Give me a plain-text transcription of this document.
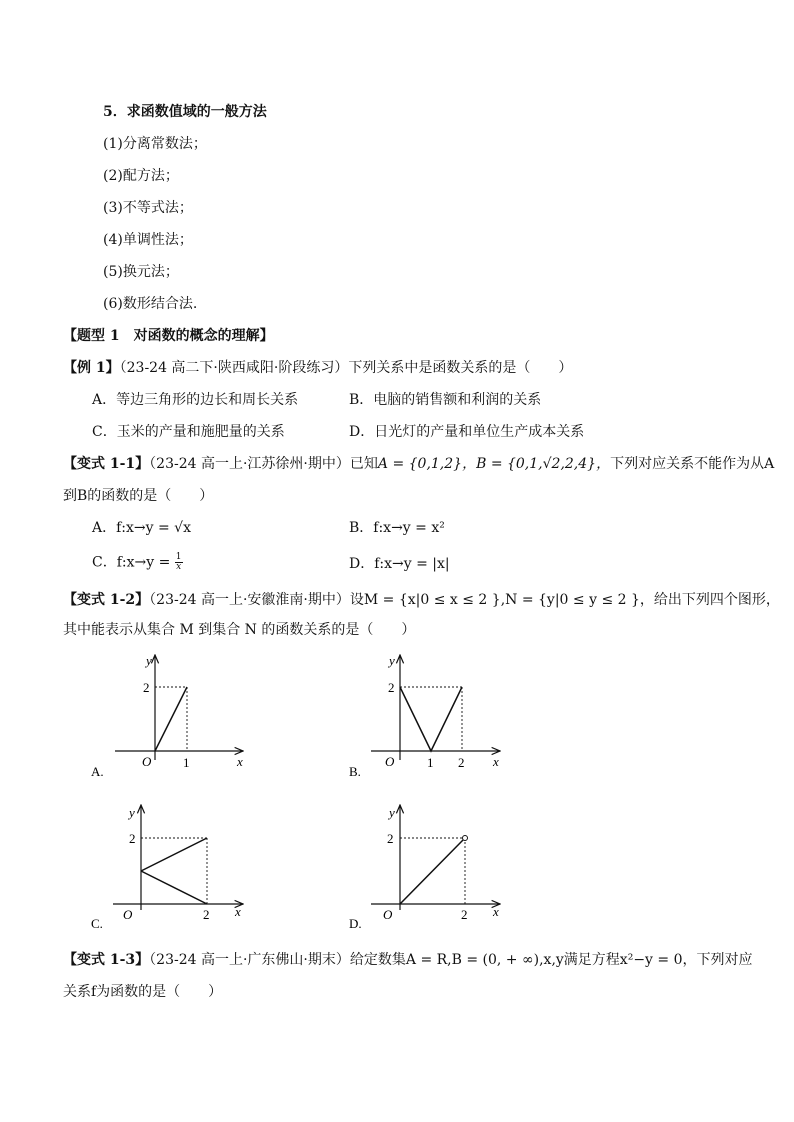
5．求函数值域的一般方法
(1)分离常数法；
(2)配方法；
(3)不等式法；
(4)单调性法；
(5)换元法；
(6)数形结合法.
【题型 1　对函数的概念的理解】
【例 1】（23-24 高二下·陕西咸阳·阶段练习）下列关系中是函数关系的是（　　）
A．等边三角形的边长和周长关系	B．电脑的销售额和利润的关系
C．玉米的产量和施肥量的关系	D．日光灯的产量和单位生产成本关系
【变式 1-1】（23-24 高一上·江苏徐州·期中）已知A = {0,1,2}，B = {0,1,√2,2,4}，下列对应关系不能作为从A
到B的函数的是（　　）
A．f:x→y = √x	B．f:x→y = x²
C．f:x→y = $\frac{1}{x}$	D．f:x→y = |x|
【变式 1-2】（23-24 高一上·安徽淮南·期中）设M = {x|0 ≤ x ≤ 2 },N = {y|0 ≤ y ≤ 2 }，给出下列四个图形，
其中能表示从集合 M 到集合 N 的函数关系的是（　　）
y
x
O
2
1
A.
y
x
O
2
1 2
B.
y
x
O
2
2
C.
y
x
O
2
2
D.
【变式 1-3】（23-24 高一上·广东佛山·期末）给定数集A = R,B = (0, + ∞),x,y满足方程x²−y = 0，下列对应
关系f为函数的是（　　）
